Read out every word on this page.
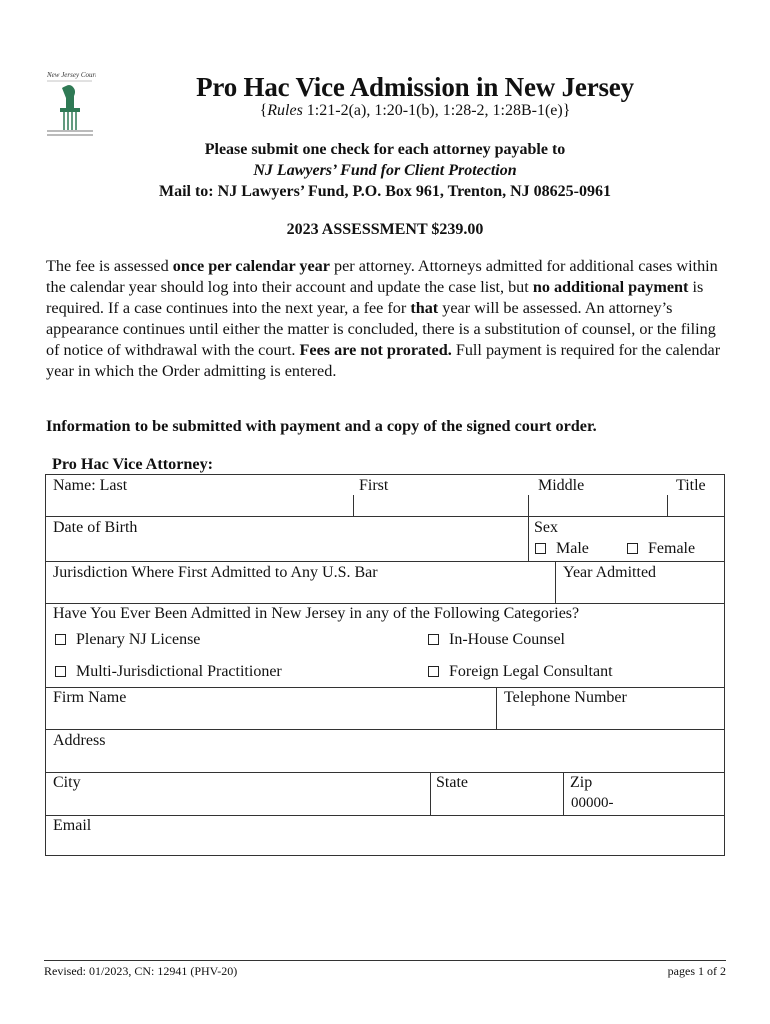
New Jersey Courts	Pro Hac Vice Admission in New Jersey
{Rules 1:21-2(a), 1:20-1(b), 1:28-2, 1:28B-1(e)}
Please submit one check for each attorney payable to
NJ Lawyers’ Fund for Client Protection
Mail to: NJ Lawyers’ Fund, P.O. Box 961, Trenton, NJ 08625-0961
2023 ASSESSMENT $239.00
The fee is assessed once per calendar year per attorney. Attorneys admitted for additional cases within the calendar year should log into their account and update the case list, but no additional payment is required. If a case continues into the next year, a fee for that year will be assessed. An attorney’s appearance continues until either the matter is concluded, there is a substitution of counsel, or the filing of notice of withdrawal with the court. Fees are not prorated. Full payment is required for the calendar year in which the Order admitting is entered.
Information to be submitted with payment and a copy of the signed court order.
Pro Hac Vice Attorney:
Name: Last	First	Middle	Title
Date of Birth	Sex
Male	Female
Jurisdiction Where First Admitted to Any U.S. Bar	Year Admitted
Have You Ever Been Admitted in New Jersey in any of the Following Categories?
Plenary NJ License	In-House Counsel
Multi-Jurisdictional Practitioner	Foreign Legal Consultant
Firm Name	Telephone Number
Address
City	State	Zip
00000-
Email
Revised: 01/2023, CN: 12941 (PHV-20)	pages 1 of 2
